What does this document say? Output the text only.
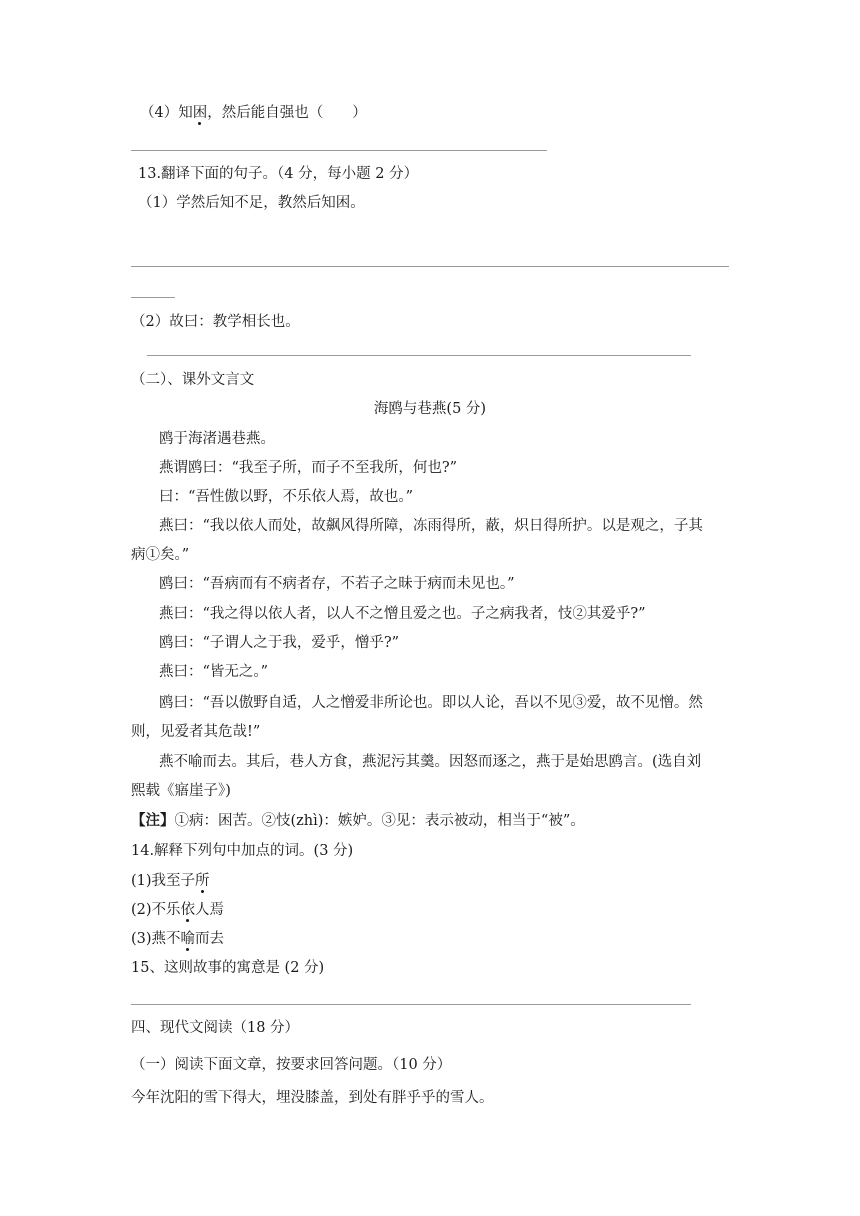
（4）知困，然后能自强也（　　）
13.翻译下面的句子。（4 分，每小题 2 分）
（1）学然后知不足，教然后知困。
（2）故曰：教学相长也。
（二）、课外文言文
海鸥与巷燕(5 分)
鸥于海渚遇巷燕。
燕谓鸥曰：“我至子所，而子不至我所，何也?”
曰：“吾性傲以野，不乐依人焉，故也。”
燕曰：“我以依人而处，故飙风得所障，冻雨得所，蔽，炽日得所护。以是观之，子其
病①矣。”
鸥曰：“吾病而有不病者存，不若子之昧于病而未见也。”
燕曰：“我之得以依人者，以人不之憎且爱之也。子之病我者，忮②其爱乎?”
鸥曰：“子谓人之于我，爱乎，憎乎?”
燕曰：“皆无之。”
鸥曰：“吾以傲野自适，人之憎爱非所论也。即以人论，吾以不见③爱，故不见憎。然
则，见爱者其危哉!”
燕不喻而去。其后，巷人方食，燕泥污其羹。因怒而逐之，燕于是始思鸥言。(选自刘
熙载《寤崖子》)
【注】①病：困苦。②忮(zhì)：嫉妒。③见：表示被动，相当于“被”。
14.解释下列句中加点的词。(3 分)
(1)我至子所
(2)不乐依人焉
(3)燕不喻而去
15、这则故事的寓意是 (2 分)
四、现代文阅读（18 分）
（一）阅读下面文章，按要求回答问题。（10 分）
今年沈阳的雪下得大，埋没膝盖，到处有胖乎乎的雪人。
